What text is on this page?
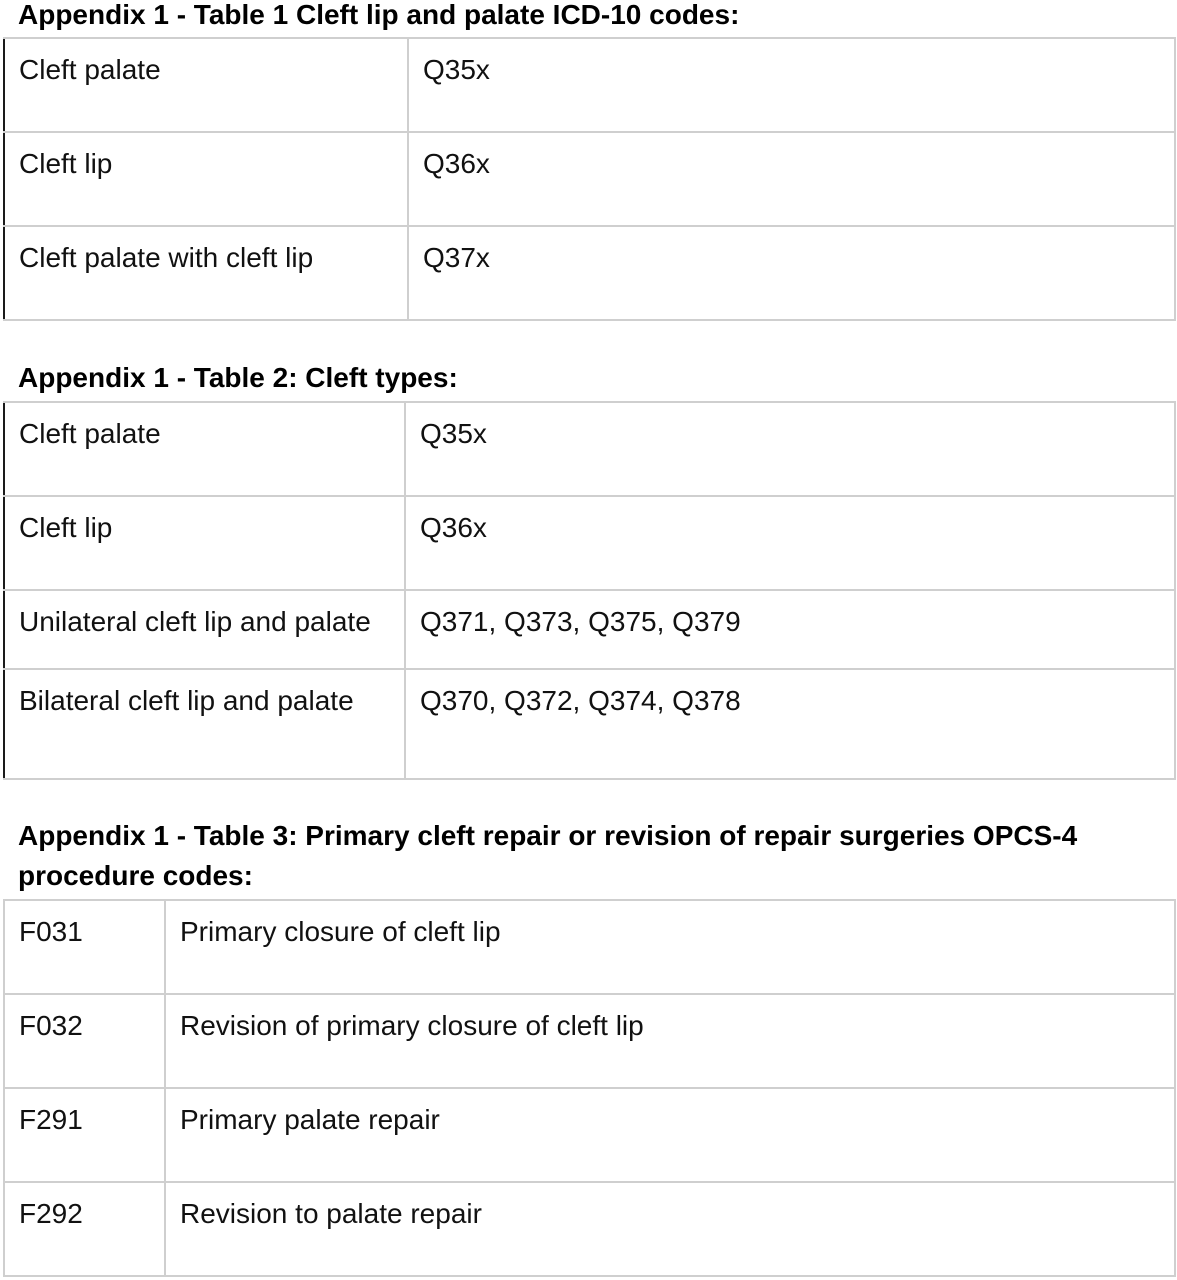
Appendix 1 - Table 1 Cleft lip and palate ICD-10 codes:
Cleft palate	Q35x
Cleft lip	Q36x
Cleft palate with cleft lip	Q37x
Appendix 1 - Table 2: Cleft types:
Cleft palate	Q35x
Cleft lip	Q36x
Unilateral cleft lip and palate	Q371, Q373, Q375, Q379
Bilateral cleft lip and palate	Q370, Q372, Q374, Q378
Appendix 1 - Table 3: Primary cleft repair or revision of repair surgeries OPCS-4 procedure codes:
F031	Primary closure of cleft lip
F032	Revision of primary closure of cleft lip
F291	Primary palate repair
F292	Revision to palate repair
